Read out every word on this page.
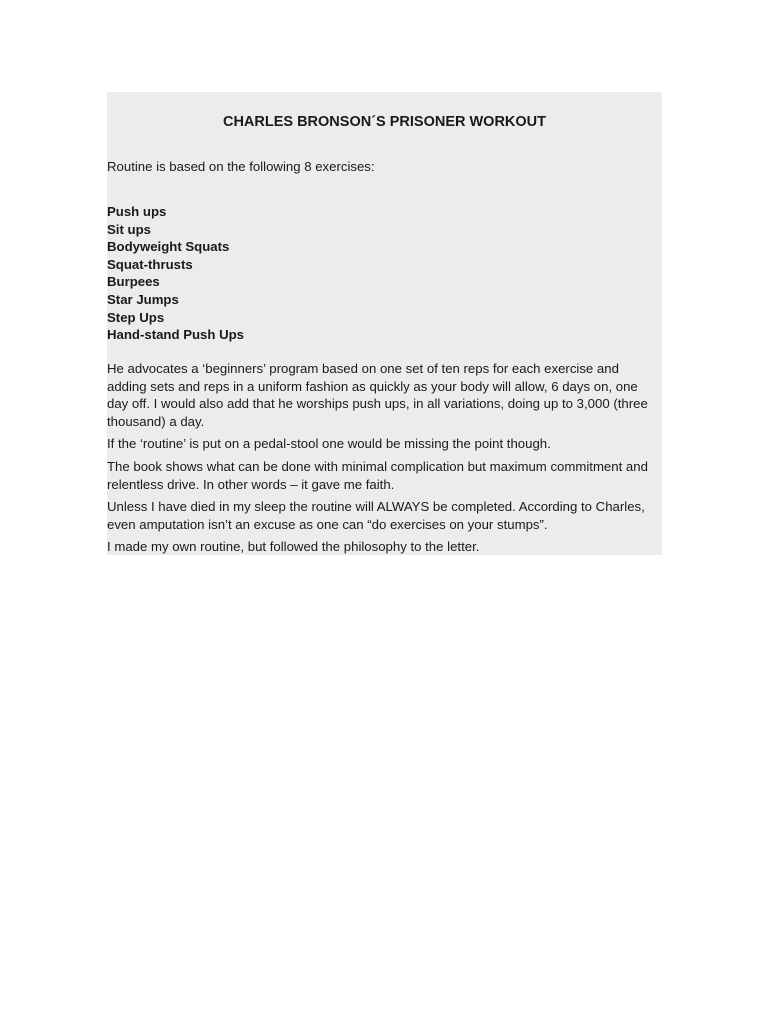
CHARLES BRONSON´S PRISONER WORKOUT

Routine is based on the following 8 exercises:

Push ups
Sit ups
Bodyweight Squats
Squat-thrusts
Burpees
Star Jumps
Step Ups
Hand-stand Push Ups

He advocates a ‘beginners’ program based on one set of ten reps for each exercise and
adding sets and reps in a uniform fashion as quickly as your body will allow, 6 days on, one
day off. I would also add that he worships push ups, in all variations, doing up to 3,000 (three
thousand) a day.

If the ‘routine’ is put on a pedal-stool one would be missing the point though.

The book shows what can be done with minimal complication but maximum commitment and
relentless drive. In other words – it gave me faith.

Unless I have died in my sleep the routine will ALWAYS be completed. According to Charles,
even amputation isn’t an excuse as one can “do exercises on your stumps”.

I made my own routine, but followed the philosophy to the letter.
